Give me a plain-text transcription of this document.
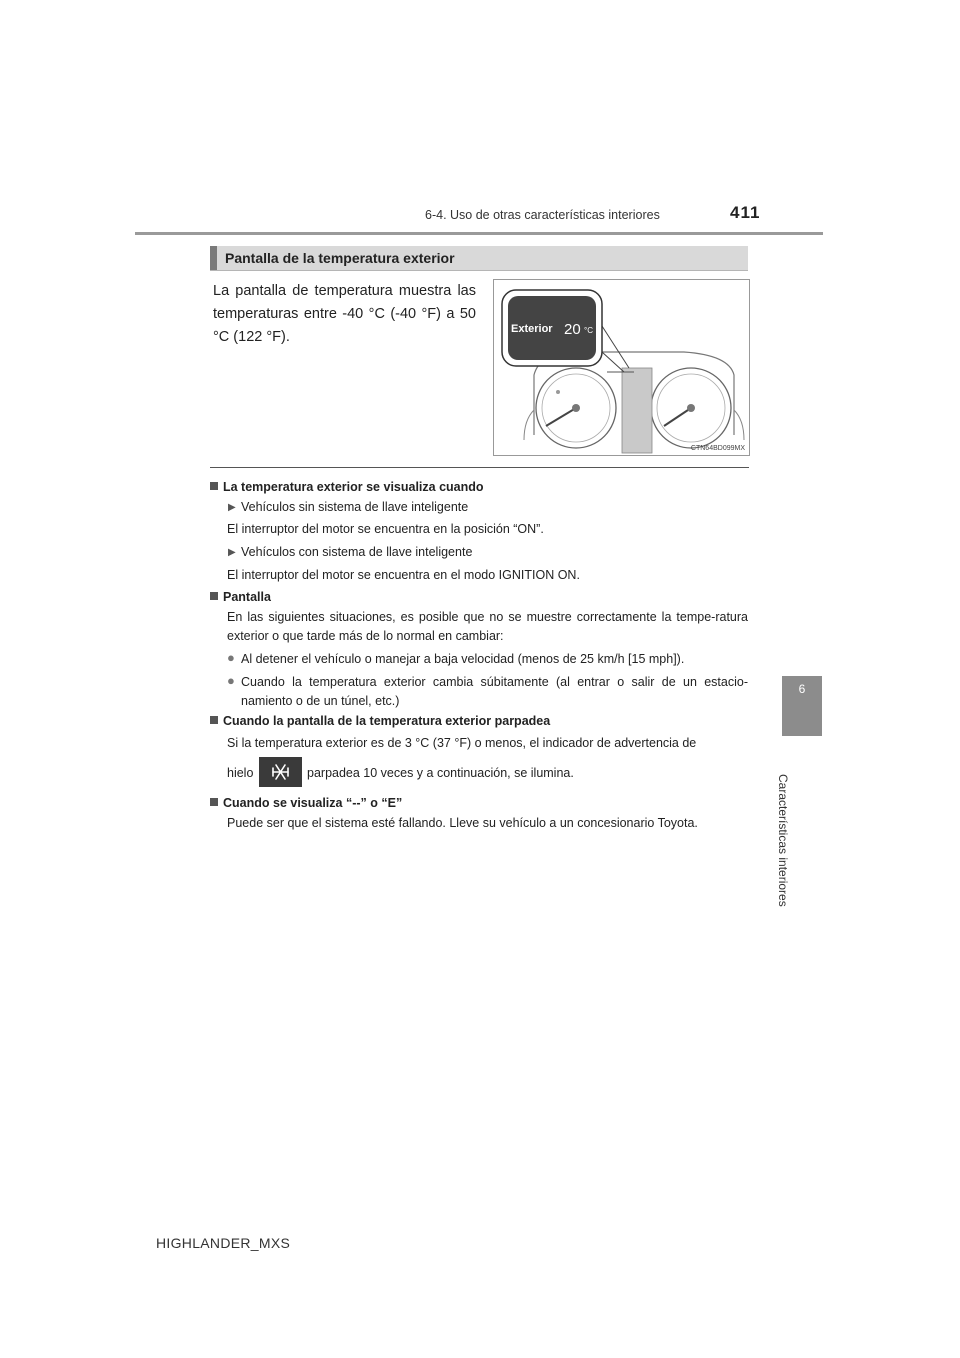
6-4. Uso de otras características interiores	411
6
Características interiores
Pantalla de la temperatura exterior
La pantalla de temperatura muestra las temperaturas entre -40 °C (-40 °F) a 50 °C (122 °F).	Exterior 20 °C
CTN64BD099MX
La temperatura exterior se visualiza cuando
▶ Vehículos sin sistema de llave inteligente
El interruptor del motor se encuentra en la posición “ON”.
▶ Vehículos con sistema de llave inteligente
El interruptor del motor se encuentra en el modo IGNITION ON.
Pantalla
En las siguientes situaciones, es posible que no se muestre correctamente la tempe-ratura exterior o que tarde más de lo normal en cambiar:
● Al detener el vehículo o manejar a baja velocidad (menos de 25 km/h [15 mph]).
● Cuando la temperatura exterior cambia súbitamente (al entrar o salir de un estacio-namiento o de un túnel, etc.)
Cuando la pantalla de la temperatura exterior parpadea
Si la temperatura exterior es de 3 °C (37 °F) o menos, el indicador de advertencia de
hielo	parpadea 10 veces y a continuación, se ilumina.
Cuando se visualiza “--” o “E”
Puede ser que el sistema esté fallando. Lleve su vehículo a un concesionario Toyota.
HIGHLANDER_MXS
